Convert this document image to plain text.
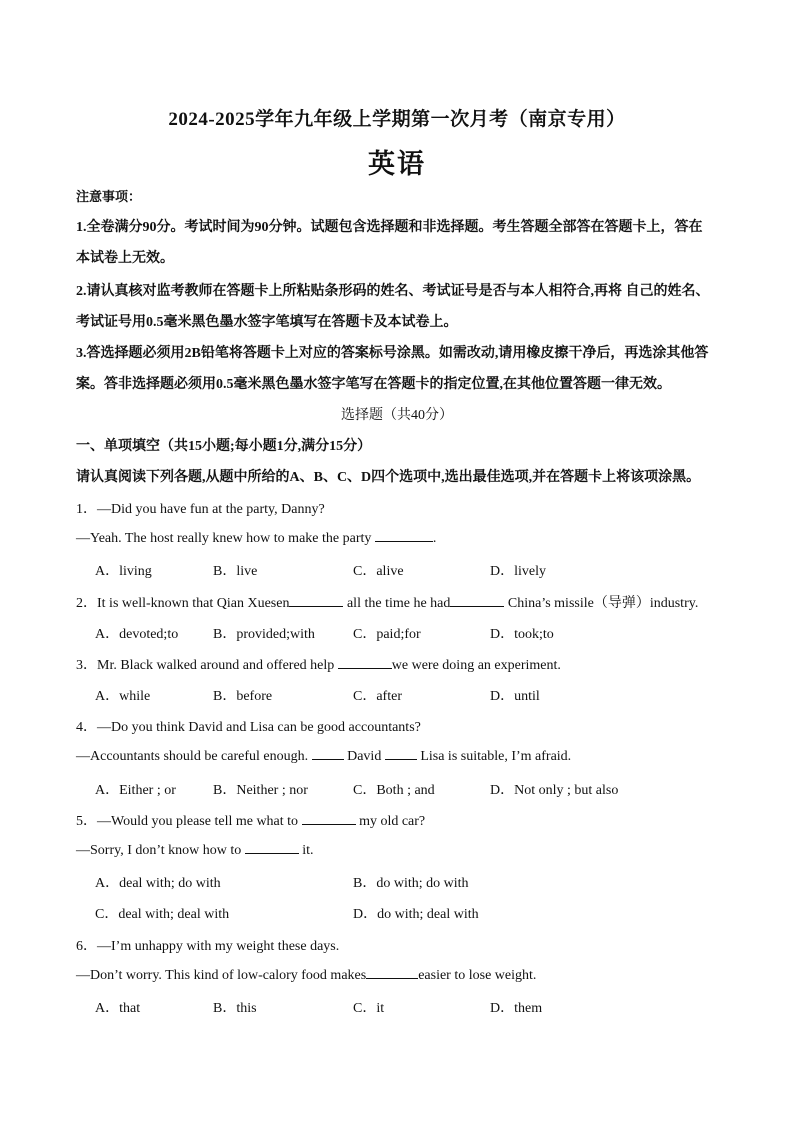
2024-2025学年九年级上学期第一次月考（南京专用）
英语
注意事项：
1.全卷满分90分。考试时间为90分钟。试题包含选择题和非选择题。考生答题全部答在答题卡上，答在
本试卷上无效。
2.请认真核对监考教师在答题卡上所粘贴条形码的姓名、考试证号是否与本人相符合,再将 自己的姓名、
考试证号用0.5毫米黑色墨水签字笔填写在答题卡及本试卷上。
3.答选择题必须用2B铅笔将答题卡上对应的答案标号涂黑。如需改动,请用橡皮擦干净后，再选涂其他答
案。答非选择题必须用0.5毫米黑色墨水签字笔写在答题卡的指定位置,在其他位置答题一律无效。
选择题（共40分）
一、单项填空（共15小题;每小题1分,满分15分）
请认真阅读下列各题,从题中所给的A、B、C、D四个选项中,选出最佳选项,并在答题卡上将该项涂黑。
1．—Did you have fun at the party, Danny?
—Yeah. The host really knew how to make the party	.
A．living	B．live	C．alive	D．lively
2．It is well-known that Qian Xuesen	all the time he had	China’s missile（导弹）industry.
A．devoted;to B．provided;with	C．paid;for	D．took;to
3．Mr. Black walked around and offered help	we were doing an experiment.
A．while	B．before	C．after	D．until
4．—Do you think David and Lisa can be good accountants?
—Accountants should be careful enough.  David  Lisa is suitable, I’m afraid.
A．Either ; or	B．Neither ; nor	C．Both ; and	D．Not only ; but also
5．—Would you please tell me what to	my old car?
—Sorry, I don’t know how to	it.
A．deal with; do with	B．do with; do with
C．deal with; deal with	D．do with; deal with
6．—I’m unhappy with my weight these days.
—Don’t worry. This kind of low-calory food makes	easier to lose weight.
A．that	B．this	C．it	D．them
